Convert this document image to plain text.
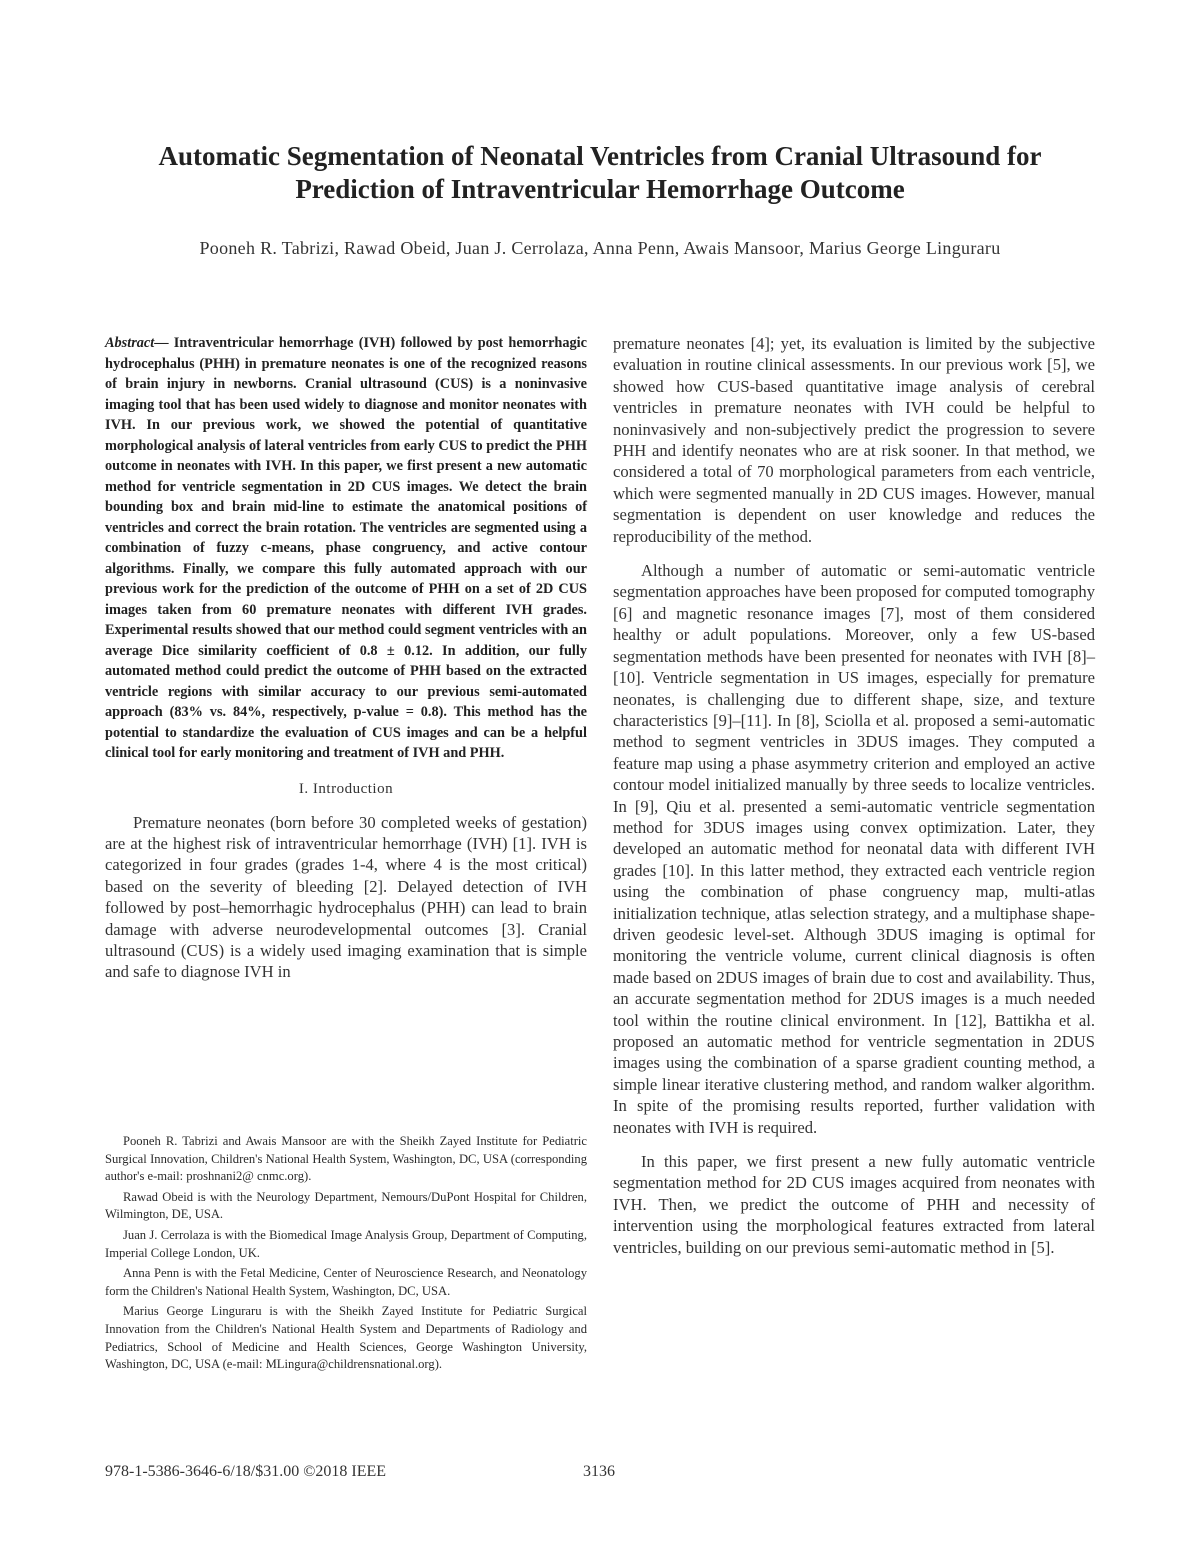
Automatic Segmentation of Neonatal Ventricles from Cranial Ultrasound for Prediction of Intraventricular Hemorrhage Outcome
Pooneh R. Tabrizi, Rawad Obeid, Juan J. Cerrolaza, Anna Penn, Awais Mansoor, Marius George Linguraru

Abstract— Intraventricular hemorrhage (IVH) followed by post hemorrhagic hydrocephalus (PHH) in premature neonates is one of the recognized reasons of brain injury in newborns. Cranial ultrasound (CUS) is a noninvasive imaging tool that has been used widely to diagnose and monitor neonates with IVH. In our previous work, we showed the potential of quantitative morphological analysis of lateral ventricles from early CUS to predict the PHH outcome in neonates with IVH. In this paper, we first present a new automatic method for ventricle segmentation in 2D CUS images. We detect the brain bounding box and brain mid-line to estimate the anatomical positions of ventricles and correct the brain rotation. The ventricles are segmented using a combination of fuzzy c-means, phase congruency, and active contour algorithms. Finally, we compare this fully automated approach with our previous work for the prediction of the outcome of PHH on a set of 2D CUS images taken from 60 premature neonates with different IVH grades. Experimental results showed that our method could segment ventricles with an average Dice similarity coefficient of 0.8 ± 0.12. In addition, our fully automated method could predict the outcome of PHH based on the extracted ventricle regions with similar accuracy to our previous semi-automated approach (83% vs. 84%, respectively, p-value = 0.8). This method has the potential to standardize the evaluation of CUS images and can be a helpful clinical tool for early monitoring and treatment of IVH and PHH.

I. Introduction

Premature neonates (born before 30 completed weeks of gestation) are at the highest risk of intraventricular hemorrhage (IVH) [1]. IVH is categorized in four grades (grades 1-4, where 4 is the most critical) based on the severity of bleeding [2]. Delayed detection of IVH followed by post–hemorrhagic hydrocephalus (PHH) can lead to brain damage with adverse neurodevelopmental outcomes [3]. Cranial ultrasound (CUS) is a widely used imaging examination that is simple and safe to diagnose IVH in

premature neonates [4]; yet, its evaluation is limited by the subjective evaluation in routine clinical assessments. In our previous work [5], we showed how CUS-based quantitative image analysis of cerebral ventricles in premature neonates with IVH could be helpful to noninvasively and non-subjectively predict the progression to severe PHH and identify neonates who are at risk sooner. In that method, we considered a total of 70 morphological parameters from each ventricle, which were segmented manually in 2D CUS images. However, manual segmentation is dependent on user knowledge and reduces the reproducibility of the method.

Although a number of automatic or semi-automatic ventricle segmentation approaches have been proposed for computed tomography [6] and magnetic resonance images [7], most of them considered healthy or adult populations. Moreover, only a few US-based segmentation methods have been presented for neonates with IVH [8]–[10]. Ventricle segmentation in US images, especially for premature neonates, is challenging due to different shape, size, and texture characteristics [9]–[11]. In [8], Sciolla et al. proposed a semi-automatic method to segment ventricles in 3DUS images. They computed a feature map using a phase asymmetry criterion and employed an active contour model initialized manually by three seeds to localize ventricles. In [9], Qiu et al. presented a semi-automatic ventricle segmentation method for 3DUS images using convex optimization. Later, they developed an automatic method for neonatal data with different IVH grades [10]. In this latter method, they extracted each ventricle region using the combination of phase congruency map, multi-atlas initialization technique, atlas selection strategy, and a multiphase shape-driven geodesic level-set. Although 3DUS imaging is optimal for monitoring the ventricle volume, current clinical diagnosis is often made based on 2DUS images of brain due to cost and availability. Thus, an accurate segmentation method for 2DUS images is a much needed tool within the routine clinical environment. In [12], Battikha et al. proposed an automatic method for ventricle segmentation in 2DUS images using the combination of a sparse gradient counting method, a simple linear iterative clustering method, and random walker algorithm. In spite of the promising results reported, further validation with neonates with IVH is required.

In this paper, we first present a new fully automatic ventricle segmentation method for 2D CUS images acquired from neonates with IVH. Then, we predict the outcome of PHH and necessity of intervention using the morphological features extracted from lateral ventricles, building on our previous semi-automatic method in [5].

Pooneh R. Tabrizi and Awais Mansoor are with the Sheikh Zayed Institute for Pediatric Surgical Innovation, Children's National Health System, Washington, DC, USA (corresponding author's e-mail: proshnani2@ cnmc.org).

Rawad Obeid is with the Neurology Department, Nemours/DuPont Hospital for Children, Wilmington, DE, USA.

Juan J. Cerrolaza is with the Biomedical Image Analysis Group, Department of Computing, Imperial College London, UK.

Anna Penn is with the Fetal Medicine, Center of Neuroscience Research, and Neonatology form the Children's National Health System, Washington, DC, USA.

Marius George Linguraru is with the Sheikh Zayed Institute for Pediatric Surgical Innovation from the Children's National Health System and Departments of Radiology and Pediatrics, School of Medicine and Health Sciences, George Washington University, Washington, DC, USA (e-mail: MLingura@childrensnational.org).

978-1-5386-3646-6/18/$31.00 ©2018 IEEE	3136
